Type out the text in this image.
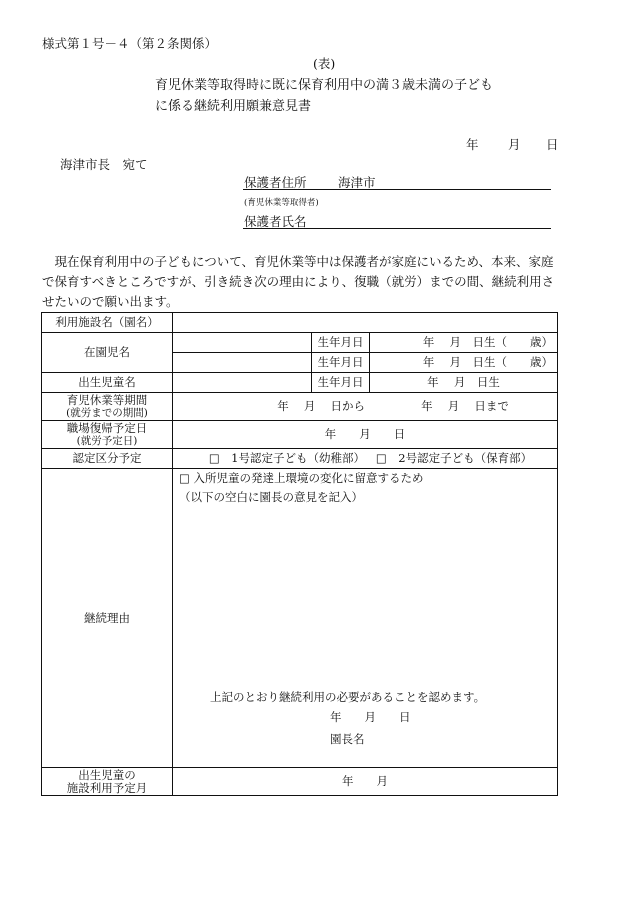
様式第１号－４（第２条関係）
(表)
育児休業等取得時に既に保育利用中の満３歳未満の子ども
に係る継続利用願兼意見書
年 月 日
海津市長　宛て
保護者住所	海津市
(育児休業等取得者)
保護者氏名
現在保育利用中の子どもについて、育児休業等中は保護者が家庭にいるため、本来、家庭で保育すべきところですが、引き続き次の理由により、復職（就労）までの間、継続利用させたいので願い出ます。
利用施設名（園名）			
在園児名		生年月日	年　 月　日生（　　歳）
		生年月日	年　 月　日生（　　歳）
出生児童名		生年月日	年　 月　日生

育児休業等期間
(就労までの期間)	年　 月　 日から 年　 月　 日まで		

職場復帰予定日
(就労予定日)	年　　月　　日		
認定区分予定	□　1号認定子ども（幼稚部） □　2号認定子ども（保育部）		
継続理由	□ 入所児童の発達上環境の変化に留意するため
（以下の空白に園長の意見を記入）
上記のとおり継続利用の必要があることを認めます。
年　　月　　日
園長名		

出生児童の
施設利用予定月	年　　月		
